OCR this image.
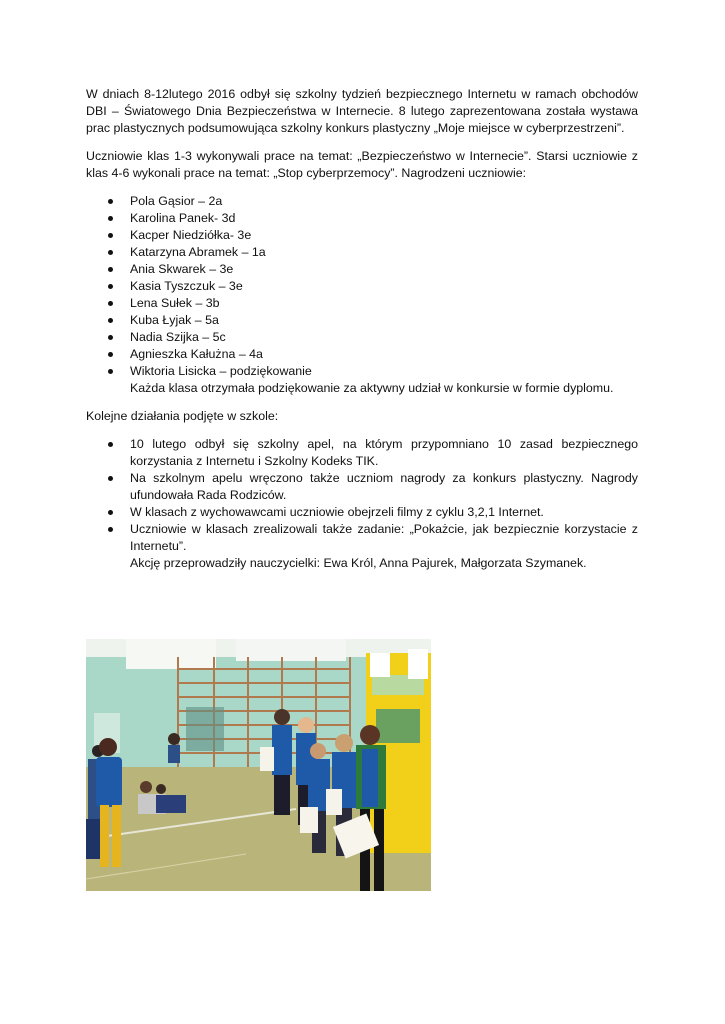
W dniach 8-12lutego 2016 odbył się szkolny tydzień bezpiecznego Internetu w ramach obchodów DBI – Światowego Dnia Bezpieczeństwa w Internecie. 8 lutego zaprezentowana została wystawa prac plastycznych podsumowująca szkolny konkurs plastyczny „Moje miejsce w cyberprzestrzeni”.

Uczniowie klas 1-3 wykonywali prace na temat: „Bezpieczeństwo w Internecie”. Starsi uczniowie z klas 4-6 wykonali prace na temat: „Stop cyberprzemocy”. Nagrodzeni uczniowie:

Pola Gąsior – 2a
Karolina Panek- 3d
Kacper Niedziółka- 3e
Katarzyna Abramek – 1a
Ania Skwarek – 3e
Kasia Tyszczuk – 3e
Lena Sułek – 3b
Kuba Łyjak – 5a
Nadia Szijka – 5c
Agnieszka Kałużna – 4a
Wiktoria Lisicka – podziękowanie
Każda klasa otrzymała podziękowanie za aktywny udział w konkursie w formie dyplomu.

Kolejne działania podjęte w szkole:

10 lutego odbył się szkolny apel, na którym przypomniano 10 zasad bezpiecznego korzystania z Internetu i Szkolny Kodeks TIK.
Na szkolnym apelu wręczono także uczniom nagrody za konkurs plastyczny. Nagrody ufundowała Rada Rodziców.
W klasach z wychowawcami uczniowie obejrzeli filmy z cyklu 3,2,1 Internet.
Uczniowie w klasach zrealizowali także zadanie: „Pokażcie, jak bezpiecznie korzystacie z Internetu”.
Akcję przeprowadziły nauczycielki: Ewa Król, Anna Pajurek, Małgorzata Szymanek.
